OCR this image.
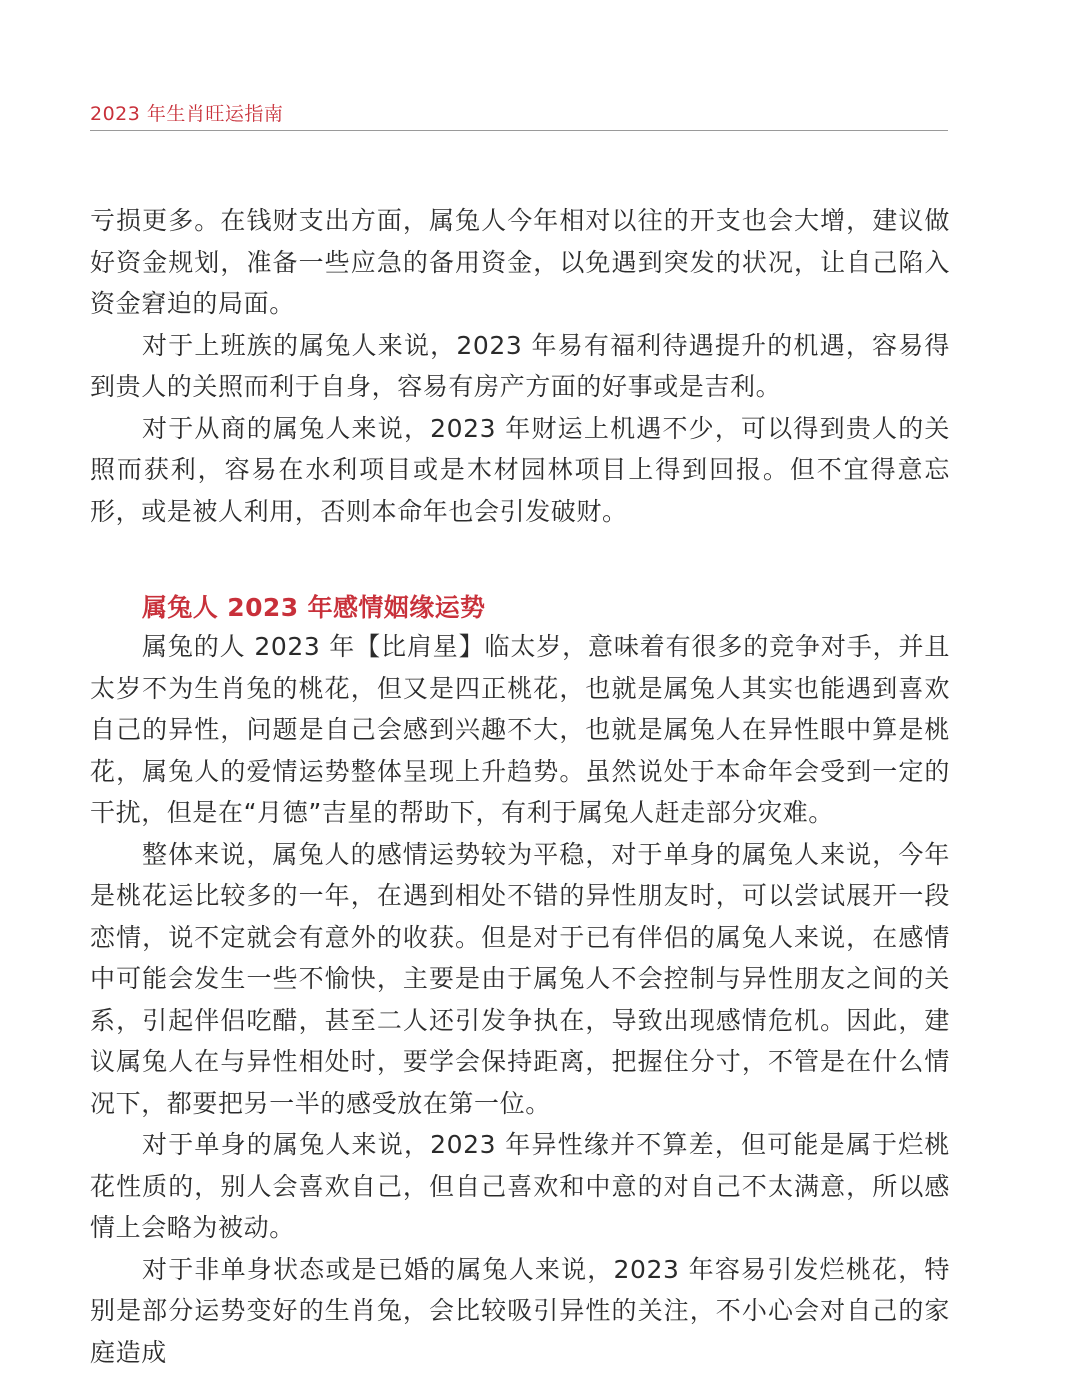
2023 年生肖旺运指南

亏损更多。在钱财支出方面，属兔人今年相对以往的开支也会大增，建议做好资金规划，准备一些应急的备用资金，以免遇到突发的状况，让自己陷入资金窘迫的局面。

对于上班族的属兔人来说，2023 年易有福利待遇提升的机遇，容易得到贵人的关照而利于自身，容易有房产方面的好事或是吉利。

对于从商的属兔人来说，2023 年财运上机遇不少，可以得到贵人的关照而获利，容易在水利项目或是木材园林项目上得到回报。但不宜得意忘形，或是被人利用，否则本命年也会引发破财。

属兔人 2023 年感情姻缘运势

属兔的人 2023 年【比肩星】临太岁，意味着有很多的竞争对手，并且太岁不为生肖兔的桃花，但又是四正桃花，也就是属兔人其实也能遇到喜欢自己的异性，问题是自己会感到兴趣不大，也就是属兔人在异性眼中算是桃花，属兔人的爱情运势整体呈现上升趋势。虽然说处于本命年会受到一定的干扰，但是在“月德”吉星的帮助下，有利于属兔人赶走部分灾难。

整体来说，属兔人的感情运势较为平稳，对于单身的属兔人来说，今年是桃花运比较多的一年，在遇到相处不错的异性朋友时，可以尝试展开一段恋情，说不定就会有意外的收获。但是对于已有伴侣的属兔人来说，在感情中可能会发生一些不愉快，主要是由于属兔人不会控制与异性朋友之间的关系，引起伴侣吃醋，甚至二人还引发争执在，导致出现感情危机。因此，建议属兔人在与异性相处时，要学会保持距离，把握住分寸，不管是在什么情况下，都要把另一半的感受放在第一位。

对于单身的属兔人来说，2023 年异性缘并不算差，但可能是属于烂桃花性质的，别人会喜欢自己，但自己喜欢和中意的对自己不太满意，所以感情上会略为被动。

对于非单身状态或是已婚的属兔人来说，2023 年容易引发烂桃花，特别是部分运势变好的生肖兔，会比较吸引异性的关注，不小心会对自己的家庭造成
